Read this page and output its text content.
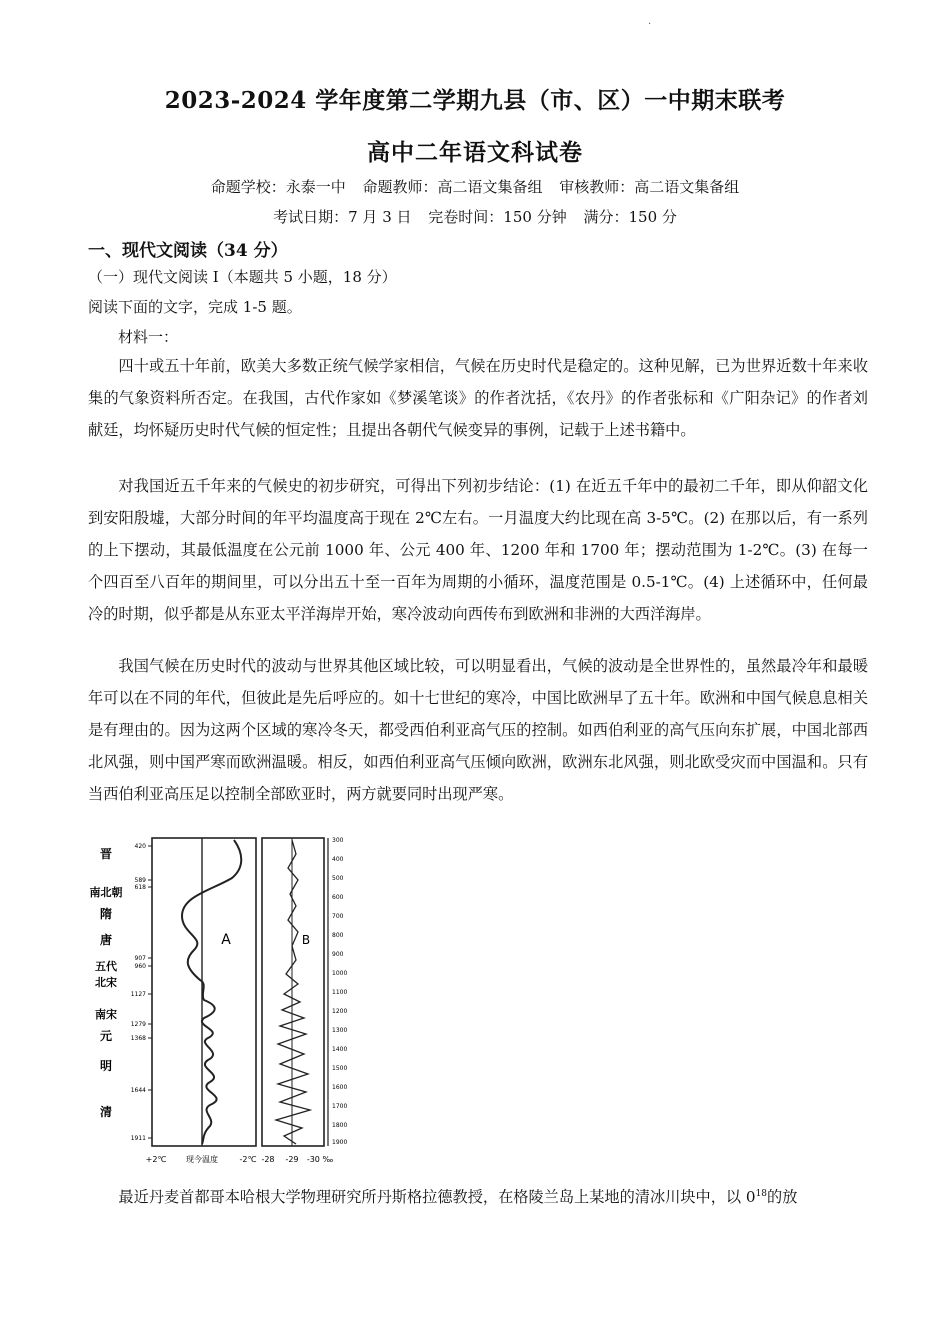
.
2023-2024 学年度第二学期九县（市、区）一中期末联考
高中二年语文科试卷
命题学校：永泰一中 命题教师：高二语文集备组 审核教师：高二语文集备组
考试日期：7 月 3 日 完卷时间：150 分钟 满分：150 分
一、现代文阅读（34 分）
（一）现代文阅读 I（本题共 5 小题，18 分）
阅读下面的文字，完成 1-5 题。
材料一：

四十或五十年前，欧美大多数正统气候学家相信，气候在历史时代是稳定的。这种见解，已为世界近数十年来收集的气象资料所否定。在我国，古代作家如《梦溪笔谈》的作者沈括，《农丹》的作者张标和《广阳杂记》的作者刘献廷，均怀疑历史时代气候的恒定性；且提出各朝代气候变异的事例，记载于上述书籍中。

对我国近五千年来的气候史的初步研究，可得出下列初步结论：(1) 在近五千年中的最初二千年，即从仰韶文化到安阳殷墟，大部分时间的年平均温度高于现在 2℃左右。一月温度大约比现在高 3-5℃。(2) 在那以后，有一系列的上下摆动，其最低温度在公元前 1000 年、公元 400 年、1200 年和 1700 年；摆动范围为 1-2℃。(3) 在每一个四百至八百年的期间里，可以分出五十至一百年为周期的小循环，温度范围是 0.5-1℃。(4) 上述循环中，任何最冷的时期，似乎都是从东亚太平洋海岸开始，寒冷波动向西传布到欧洲和非洲的大西洋海岸。

我国气候在历史时代的波动与世界其他区域比较，可以明显看出，气候的波动是全世界性的，虽然最冷年和最暖年可以在不同的年代，但彼此是先后呼应的。如十七世纪的寒冷，中国比欧洲早了五十年。欧洲和中国气候息息相关是有理由的。因为这两个区域的寒冷冬天，都受西伯利亚高气压的控制。如西伯利亚的高气压向东扩展，中国北部西北风强，则中国严寒而欧洲温暖。相反，如西伯利亚高气压倾向欧洲，欧洲东北风强，则北欧受灾而中国温和。只有当西伯利亚高压足以控制全部欧亚时，两方就要同时出现严寒。

晋
南北朝
隋
唐
五代
北宋
南宋
元
明
清
420
589
618
907
960
1127
1279
1368
1644
1911
A	B
300
400
500
600
700
800
900
1000
1100
1200
1300
1400
1500
1600
1700
1800
1900
+2℃ 现今温度	-2℃ -28 -29 -30 ‰
最近丹麦首都哥本哈根大学物理研究所丹斯格拉德教授，在格陵兰岛上某地的清冰川块中，以 $0^{18}$的放
